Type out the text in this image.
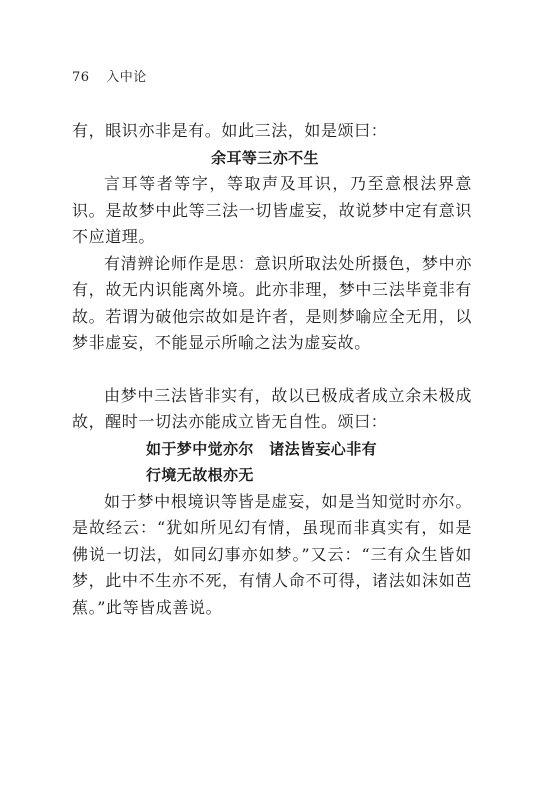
76 入中论

有，眼识亦非是有。如此三法，如是颂曰：

余耳等三亦不生

言耳等者等字，等取声及耳识，乃至意根法界意识。是故梦中此等三法一切皆虚妄，故说梦中定有意识不应道理。

有清辨论师作是思：意识所取法处所摄色，梦中亦有，故无内识能离外境。此亦非理，梦中三法毕竟非有故。若谓为破他宗故如是许者，是则梦喻应全无用，以梦非虚妄，不能显示所喻之法为虚妄故。

由梦中三法皆非实有，故以已极成者成立余未极成故，醒时一切法亦能成立皆无自性。颂曰：

如于梦中觉亦尔　诸法皆妄心非有
行境无故根亦无

如于梦中根境识等皆是虚妄，如是当知觉时亦尔。是故经云：“犹如所见幻有情，虽现而非真实有，如是佛说一切法，如同幻事亦如梦。”又云：“三有众生皆如梦，此中不生亦不死，有情人命不可得，诸法如沫如芭蕉。”此等皆成善说。
